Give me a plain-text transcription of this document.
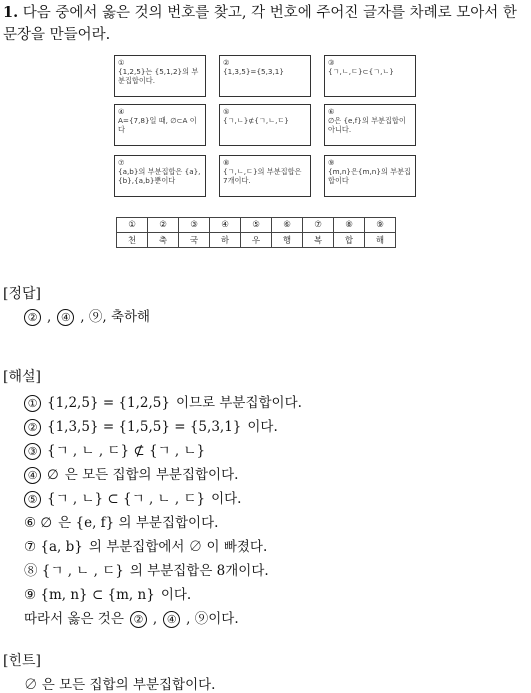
1. 다음 중에서 옳은 것의 번호를 찾고, 각 번호에 주어진 글자를 차례로 모아서 한 문장을 만들어라.
①
{1,2,5}는 {5,1,2}의 부분집합이다.
②
{1,3,5}={5,3,1}
③
{ㄱ,ㄴ,ㄷ}⊂{ㄱ,ㄴ}
④
A={7,8}일 때, ∅⊂A 이다
⑤
{ㄱ,ㄴ}⊄{ㄱ,ㄴ,ㄷ}
⑥
∅은 {e,f}의 부분집합이 아니다.
⑦
{a,b}의 부분집합은 {a},{b},{a,b}뿐이다
⑧
{ㄱ,ㄴ,ㄷ}의 부분집합은 7개이다.
⑨
{m,n}은{m,n}의 부분집합이다
①	②	③	④	⑤	⑥	⑦	⑧	⑨
천	축	국	하	우	행	복	합	해
[정답]
② , ④ , ⑨, 축하해
[해설]
① {1,2,5} = {1,2,5} 이므로 부분집합이다.
② {1,3,5} = {1,5,5} = {5,3,1} 이다.
③ {ㄱ , ㄴ , ㄷ} ⊄ {ㄱ , ㄴ}
④ ∅ 은 모든 집합의 부분집합이다.
⑤ {ㄱ , ㄴ} ⊂ {ㄱ , ㄴ , ㄷ} 이다.
⑥ ∅ 은 {e, f} 의 부분집합이다.
⑦ {a, b} 의 부분집합에서 ∅ 이 빠졌다.
⑧ {ㄱ , ㄴ , ㄷ} 의 부분집합은 8개이다.
⑨ {m, n} ⊂ {m, n} 이다.
따라서 옳은 것은 ② , ④ , ⑨이다.
[힌트]
∅ 은 모든 집합의 부분집합이다.
